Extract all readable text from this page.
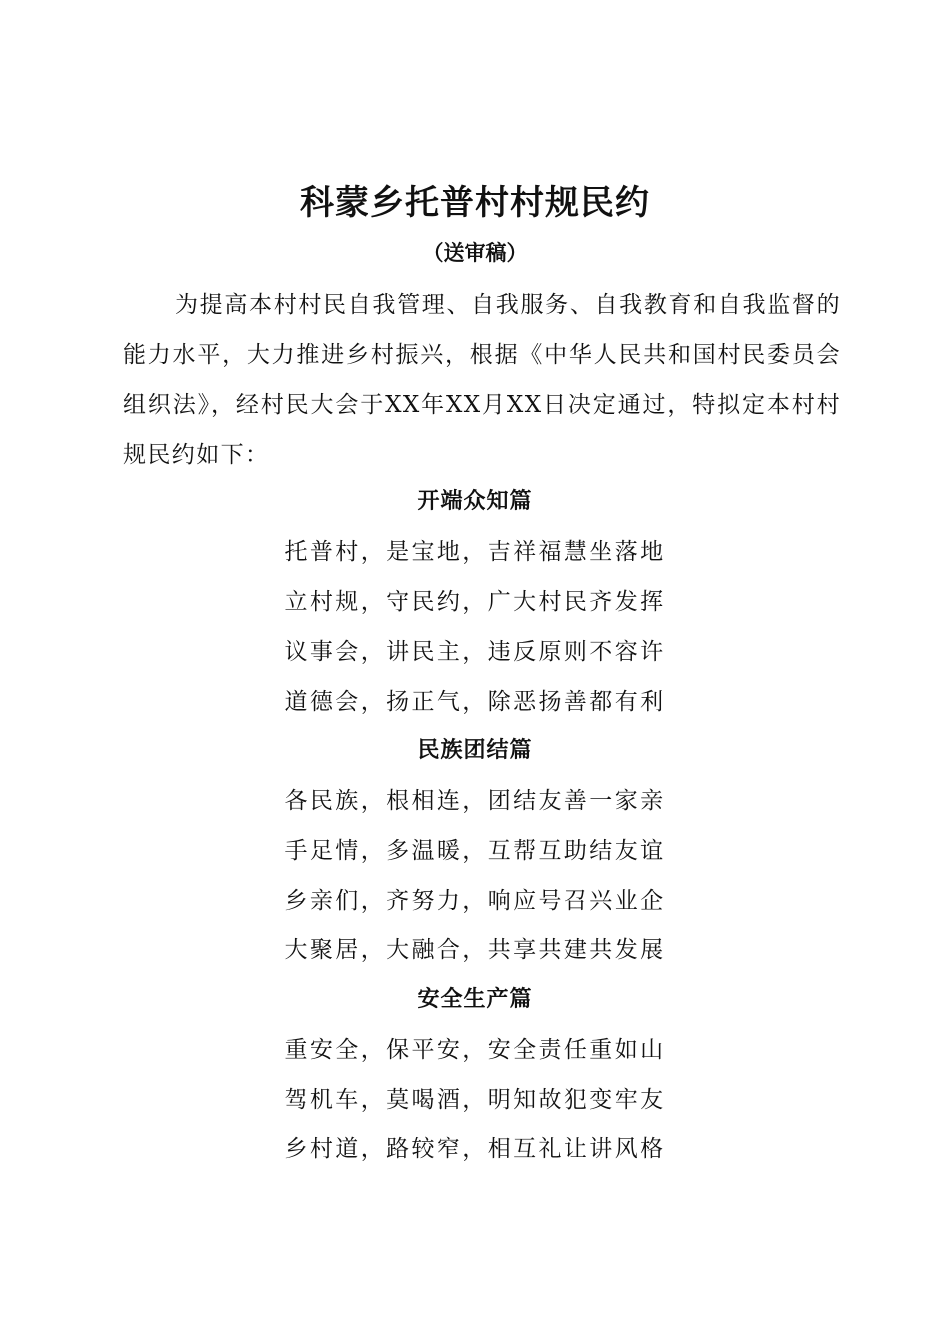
科蒙乡托普村村规民约
（送审稿）
为提高本村村民自我管理、自我服务、自我教育和自我监督的能力水平，大力推进乡村振兴，根据《中华人民共和国村民委员会组织法》，经村民大会于XX年XX月XX日决定通过，特拟定本村村规民约如下：
开端众知篇
托普村，是宝地，吉祥福慧坐落地
立村规，守民约，广大村民齐发挥
议事会，讲民主，违反原则不容许
道德会，扬正气，除恶扬善都有利
民族团结篇
各民族，根相连，团结友善一家亲
手足情，多温暖，互帮互助结友谊
乡亲们，齐努力，响应号召兴业企
大聚居，大融合，共享共建共发展
安全生产篇
重安全，保平安，安全责任重如山
驾机车，莫喝酒，明知故犯变牢友
乡村道，路较窄，相互礼让讲风格
